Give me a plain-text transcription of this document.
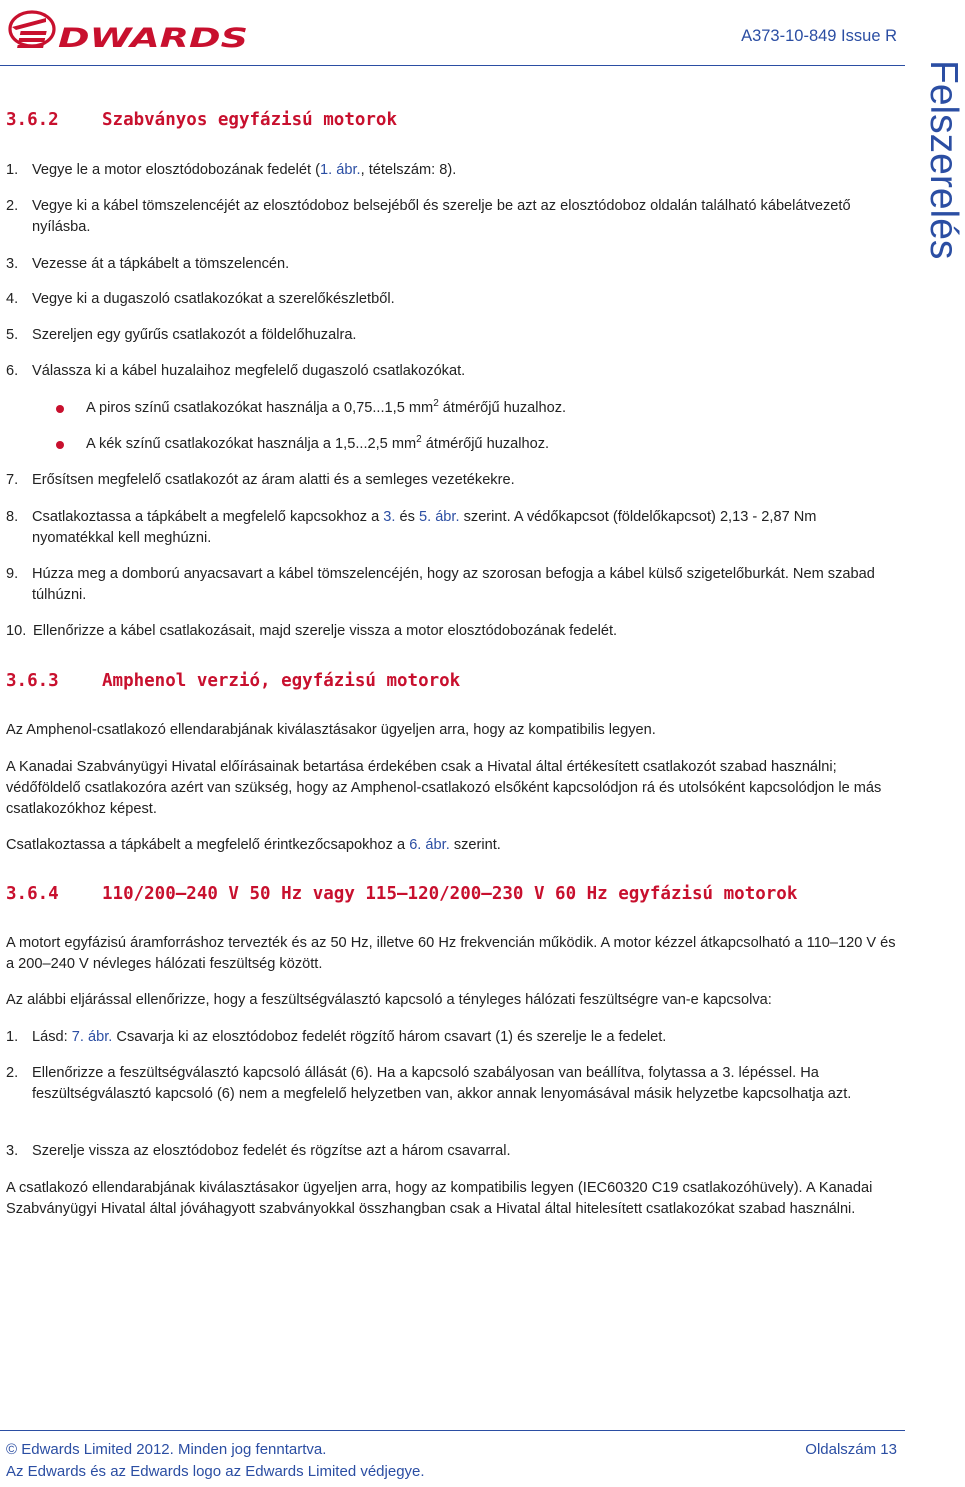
DWARDS	A373-10-849 Issue R
Felszerelés
3.6.2 Szabványos egyfázisú motorok
1. Vegye le a motor elosztódobozának fedelét (1. ábr., tételszám: 8).
2. Vegye ki a kábel tömszelencéjét az elosztódoboz belsejéből és szerelje be azt az elosztódoboz oldalán található kábelátvezető nyílásba.
3. Vezesse át a tápkábelt a tömszelencén.
4. Vegye ki a dugaszoló csatlakozókat a szerelőkészletből.
5. Szereljen egy gyűrűs csatlakozót a földelőhuzalra.
6. Válassza ki a kábel huzalaihoz megfelelő dugaszoló csatlakozókat.
A piros színű csatlakozókat használja a 0,75...1,5 $mm^2$ átmérőjű huzalhoz.
A kék színű csatlakozókat használja a 1,5...2,5 $mm^2$ átmérőjű huzalhoz.
7. Erősítsen megfelelő csatlakozót az áram alatti és a semleges vezetékekre.
8. Csatlakoztassa a tápkábelt a megfelelő kapcsokhoz a 3. és 5. ábr. szerint. A védőkapcsot (földelőkapcsot) 2,13 - 2,87 Nm nyomatékkal kell meghúzni.
9. Húzza meg a domború anyacsavart a kábel tömszelencéjén, hogy az szorosan befogja a kábel külső szigetelőburkát. Nem szabad túlhúzni.
10. Ellenőrizze a kábel csatlakozásait, majd szerelje vissza a motor elosztódobozának fedelét.
3.6.3 Amphenol verzió, egyfázisú motorok

Az Amphenol-csatlakozó ellendarabjának kiválasztásakor ügyeljen arra, hogy az kompatibilis legyen.

A Kanadai Szabványügyi Hivatal előírásainak betartása érdekében csak a Hivatal által értékesített csatlakozót szabad használni; védőföldelő csatlakozóra azért van szükség, hogy az Amphenol-csatlakozó elsőként kapcsolódjon rá és utolsóként kapcsolódjon le más csatlakozókhoz képest.

Csatlakoztassa a tápkábelt a megfelelő érintkezőcsapokhoz a 6. ábr. szerint.

3.6.4 110/200–240 V 50 Hz vagy 115–120/200–230 V 60 Hz egyfázisú motorok

A motort egyfázisú áramforráshoz tervezték és az 50 Hz, illetve 60 Hz frekvencián működik. A motor kézzel átkapcsolható a 110–120 V és a 200–240 V névleges hálózati feszültség között.

Az alábbi eljárással ellenőrizze, hogy a feszültségválasztó kapcsoló a tényleges hálózati feszültségre van-e kapcsolva:

1. Lásd: 7. ábr. Csavarja ki az elosztódoboz fedelét rögzítő három csavart (1) és szerelje le a fedelet.
2. Ellenőrizze a feszültségválasztó kapcsoló állását (6). Ha a kapcsoló szabályosan van beállítva, folytassa a 3. lépéssel. Ha feszültségválasztó kapcsoló (6) nem a megfelelő helyzetben van, akkor annak lenyomásával másik helyzetbe kapcsolhatja azt.
3. Szerelje vissza az elosztódoboz fedelét és rögzítse azt a három csavarral.

A csatlakozó ellendarabjának kiválasztásakor ügyeljen arra, hogy az kompatibilis legyen (IEC60320 C19 csatlakozóhüvely). A Kanadai Szabványügyi Hivatal által jóváhagyott szabványokkal összhangban csak a Hivatal által hitelesített csatlakozókat szabad használni.

© Edwards Limited 2012. Minden jog fenntartva.
Az Edwards és az Edwards logo az Edwards Limited védjegye.
Oldalszám 13
